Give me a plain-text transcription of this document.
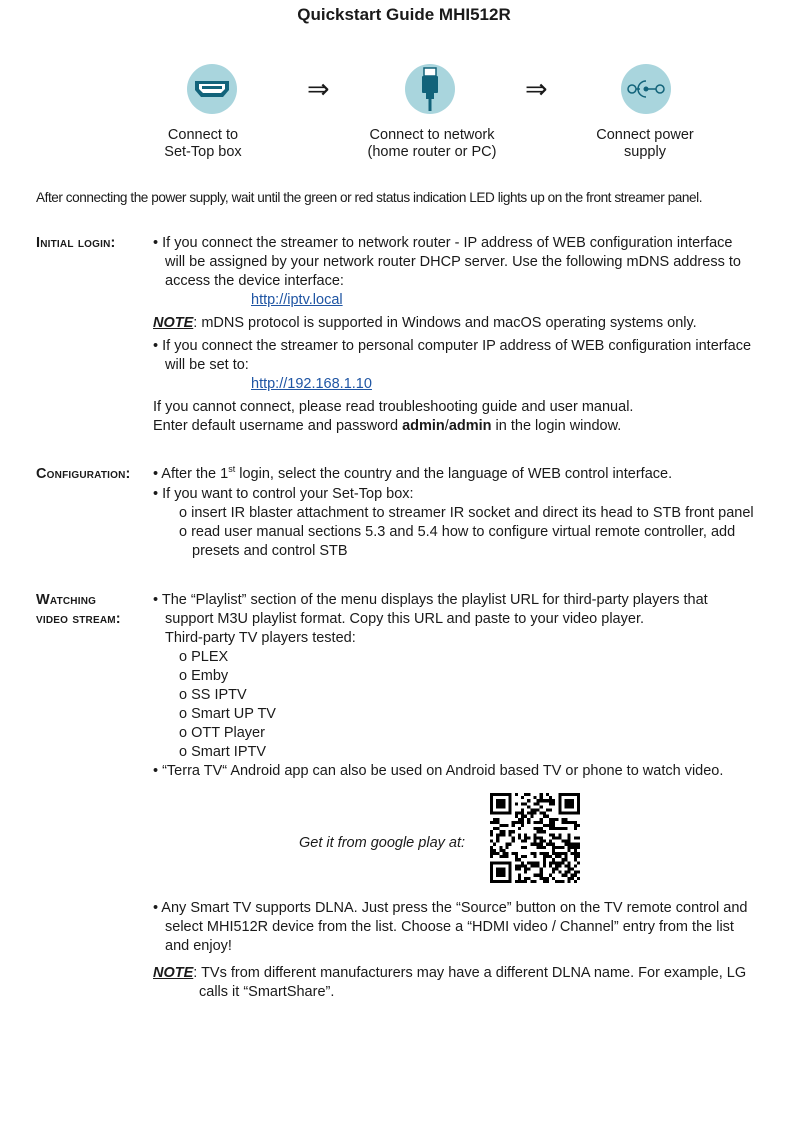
Quickstart Guide MHI512R
Connect to
Set-Top box
⇒
Connect to network
(home router or PC)
⇒
Connect power
supply
After connecting the power supply, wait until the green or red status indication LED lights up on the front streamer panel.
Initial login:	• If you connect the streamer to network router - IP address of WEB configuration interface
will be assigned by your network router DHCP server. Use the following mDNS address to
access the device interface:
http://iptv.local
NOTE: mDNS protocol is supported in Windows and macOS operating systems only.
• If you connect the streamer to personal computer IP address of WEB configuration interface
will be set to:
http://192.168.1.10
If you cannot connect, please read troubleshooting guide and user manual.
Enter default username and password admin/admin in the login window.
Configuration: • After the 1st login, select the country and the language of WEB control interface.
• If you want to control your Set-Top box:
o insert IR blaster attachment to streamer IR socket and direct its head to STB front panel
o read user manual sections 5.3 and 5.4 how to configure virtual remote controller, add
presets and control STB
Watching
video stream:
• The “Playlist” section of the menu displays the playlist URL for third-party players that
support M3U playlist format. Copy this URL and paste to your video player.
Third-party TV players tested:
o PLEX
o Emby
o SS IPTV
o Smart UP TV
o OTT Player
o Smart IPTV
• “Terra TV“ Android app can also be used on Android based TV or phone to watch video.
Get it from google play at:
• Any Smart TV supports DLNA. Just press the “Source” button on the TV remote control and
select MHI512R device from the list. Choose a “HDMI video / Channel” entry from the list
and enjoy!
NOTE: TVs from different manufacturers may have a different DLNA name. For example, LG
calls it “SmartShare”.
